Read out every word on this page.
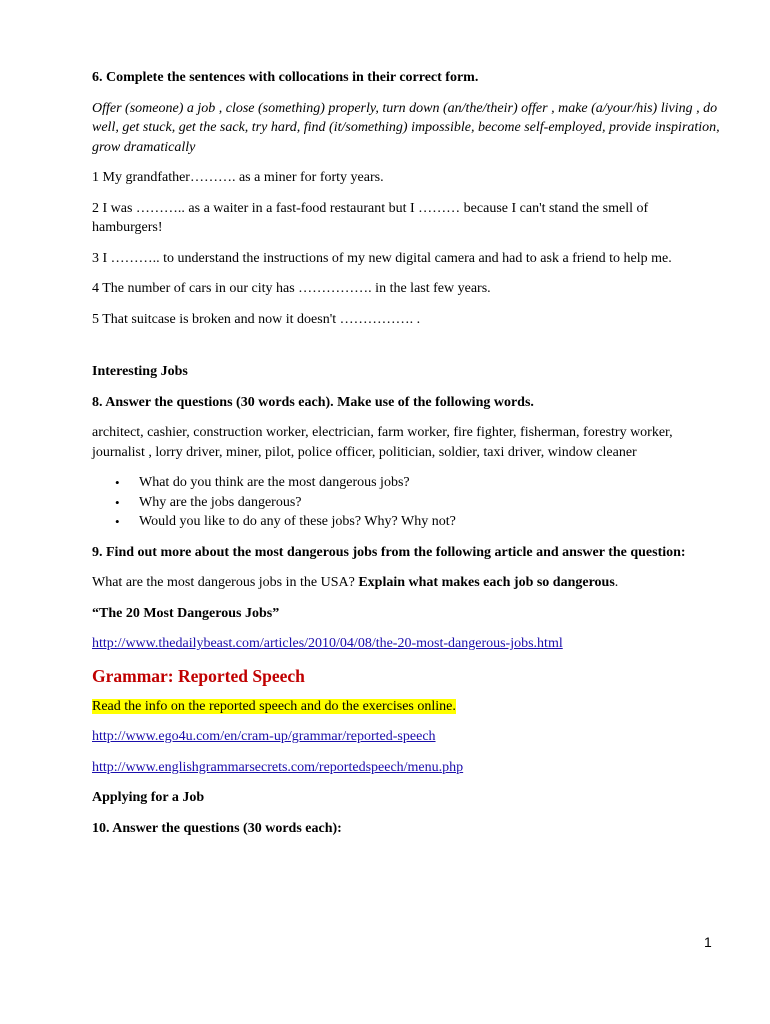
6. Complete the sentences with collocations in their correct form.

Offer (someone) a job , close (something) properly, turn down (an/the/their) offer , make (a/your/his) living , do well, get stuck, get the sack, try hard, find (it/something) impossible, become self-employed, provide inspiration, grow dramatically

1 My grandfather………. as a miner for forty years.

2 I was ……….. as a waiter in a fast-food restaurant but I ……… because I can't stand the smell of hamburgers!

3 I ……….. to understand the instructions of my new digital camera and had to ask a friend to help me.

4 The number of cars in our city has ……………. in the last few years.

5 That suitcase is broken and now it doesn't ……………. .

Interesting Jobs

8. Answer the questions (30 words each). Make use of the following words.

architect, cashier, construction worker, electrician, farm worker, fire fighter, fisherman, forestry worker, journalist , lorry driver, miner, pilot, police officer, politician, soldier, taxi driver, window cleaner

• What do you think are the most dangerous jobs?
• Why are the jobs dangerous?
• Would you like to do any of these jobs? Why? Why not?

9. Find out more about the most dangerous jobs from the following article and answer the question:

What are the most dangerous jobs in the USA? Explain what makes each job so dangerous.

“The 20 Most Dangerous Jobs”

http://www.thedailybeast.com/articles/2010/04/08/the-20-most-dangerous-jobs.html

Grammar: Reported Speech

Read the info on the reported speech and do the exercises online.

http://www.ego4u.com/en/cram-up/grammar/reported-speech

http://www.englishgrammarsecrets.com/reportedspeech/menu.php

Applying for a Job

10. Answer the questions (30 words each):

1
